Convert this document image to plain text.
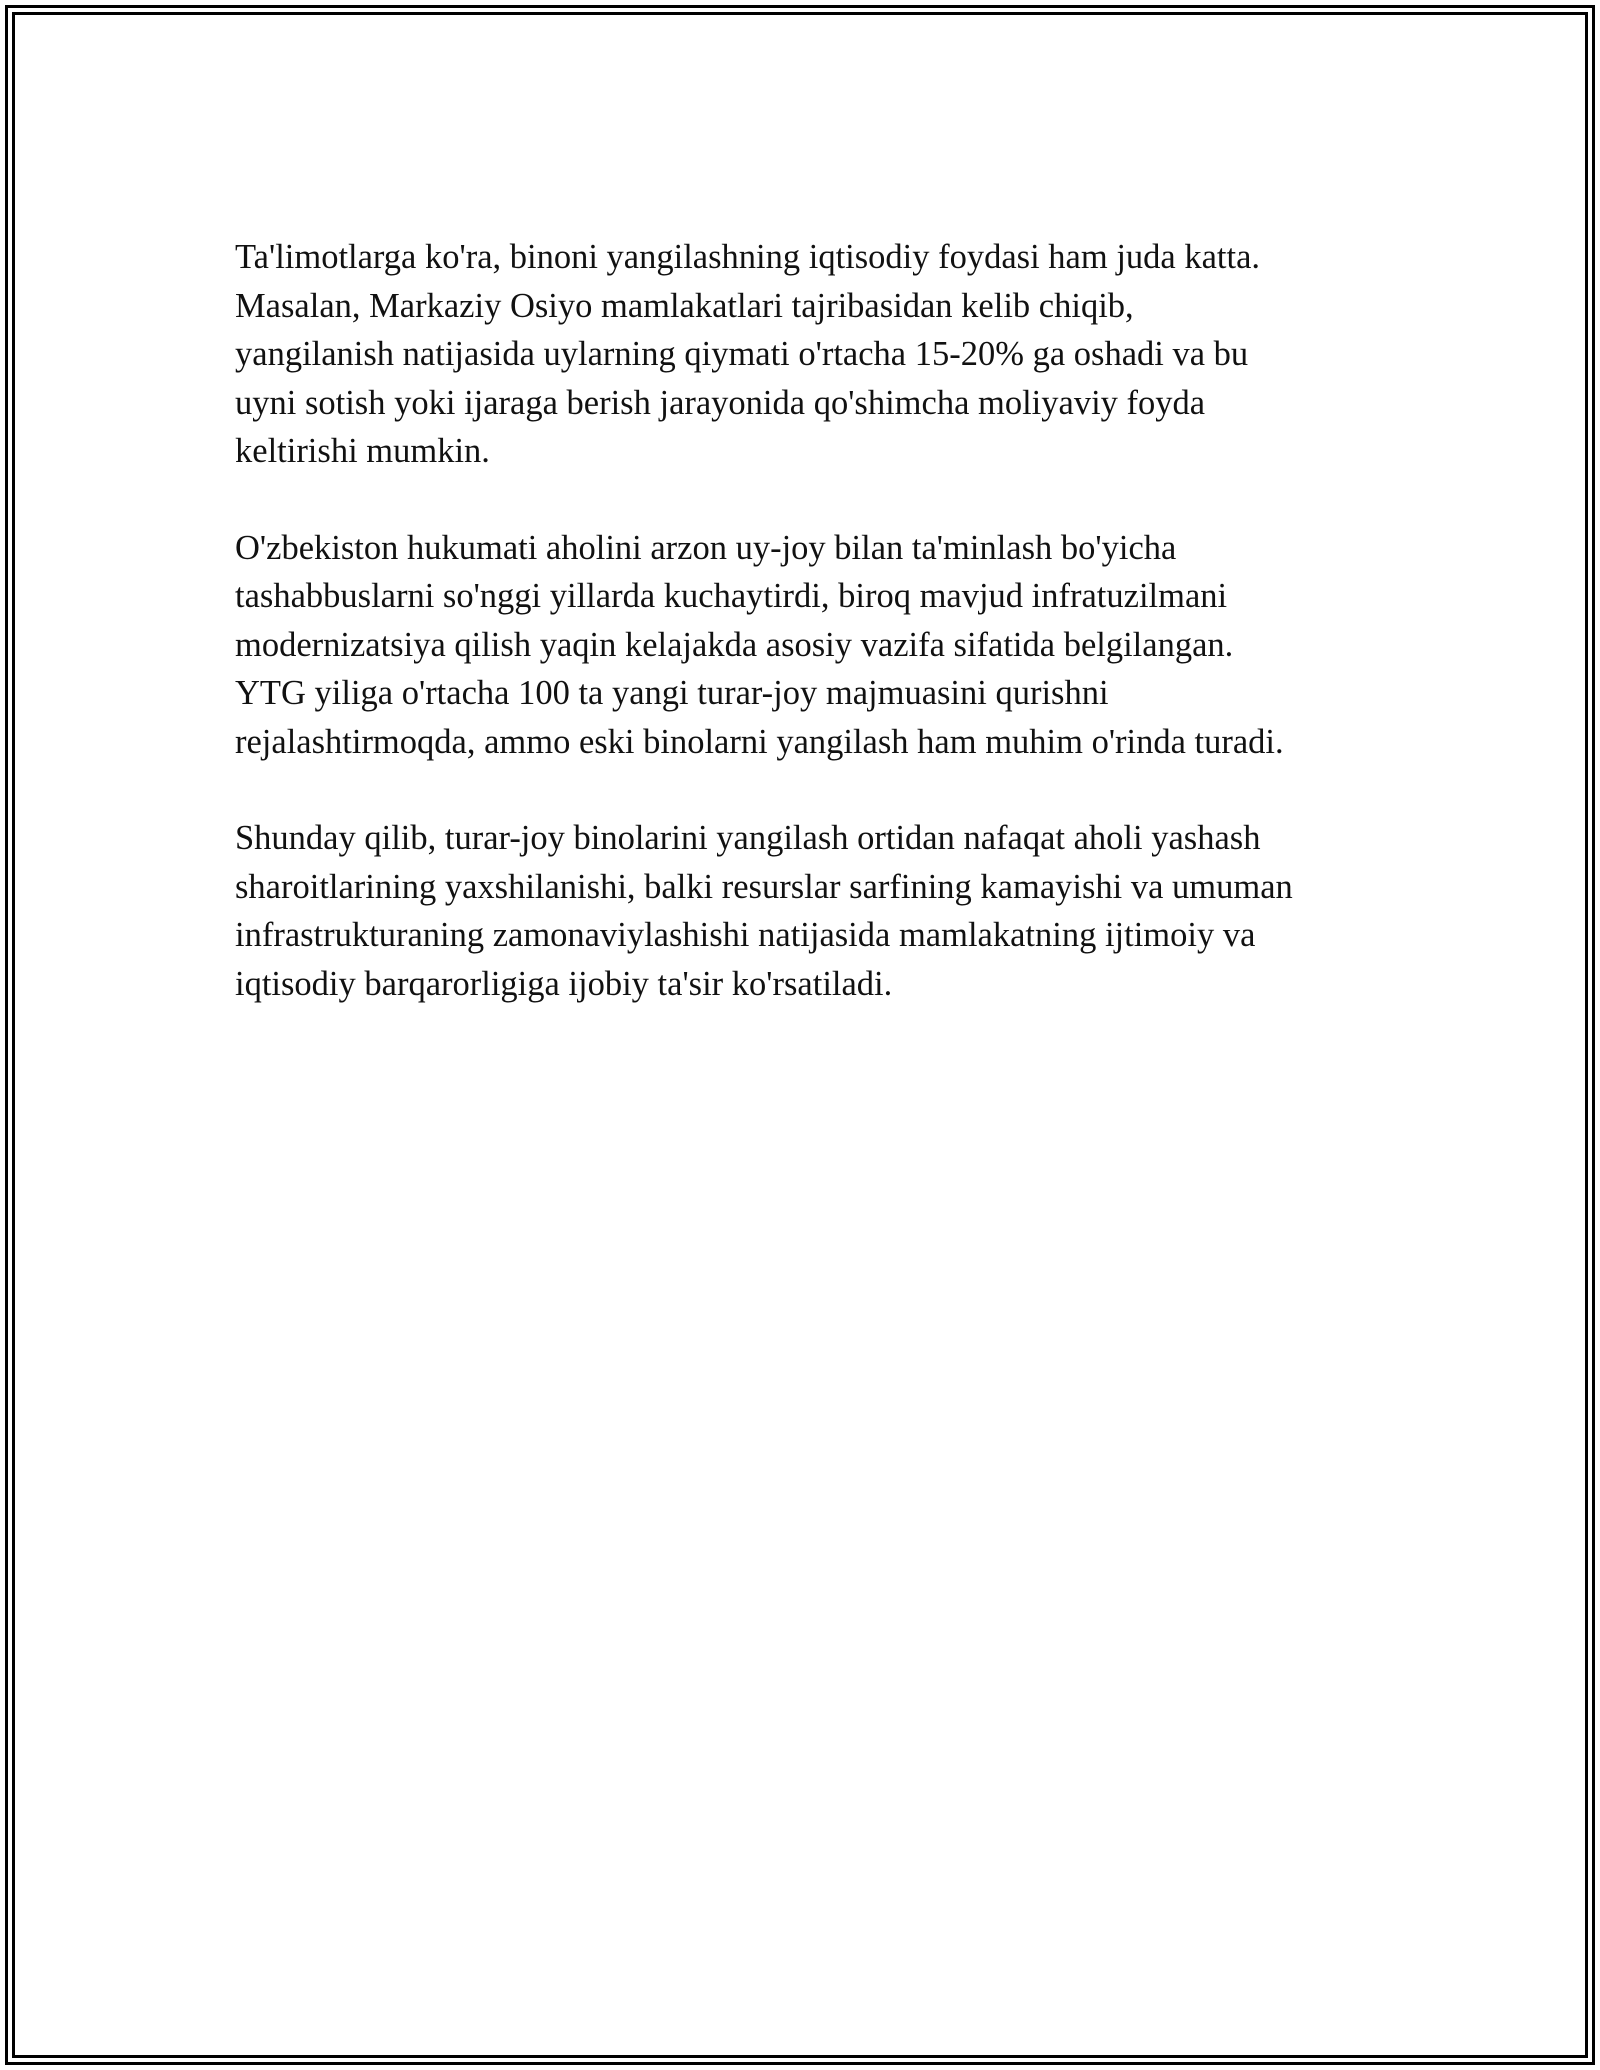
Ta'limotlarga ko'ra, binoni yangilashning iqtisodiy foydasi ham juda katta.
Masalan, Markaziy Osiyo mamlakatlari tajribasidan kelib chiqib,
yangilanish natijasida uylarning qiymati o'rtacha 15-20% ga oshadi va bu
uyni sotish yoki ijaraga berish jarayonida qo'shimcha moliyaviy foyda
keltirishi mumkin.

O'zbekiston hukumati aholini arzon uy-joy bilan ta'minlash bo'yicha
tashabbuslarni so'nggi yillarda kuchaytirdi, biroq mavjud infratuzilmani
modernizatsiya qilish yaqin kelajakda asosiy vazifa sifatida belgilangan.
YTG yiliga o'rtacha 100 ta yangi turar-joy majmuasini qurishni
rejalashtirmoqda, ammo eski binolarni yangilash ham muhim o'rinda turadi.

Shunday qilib, turar-joy binolarini yangilash ortidan nafaqat aholi yashash
sharoitlarining yaxshilanishi, balki resurslar sarfining kamayishi va umuman
infrastrukturaning zamonaviylashishi natijasida mamlakatning ijtimoiy va
iqtisodiy barqarorligiga ijobiy ta'sir ko'rsatiladi.
